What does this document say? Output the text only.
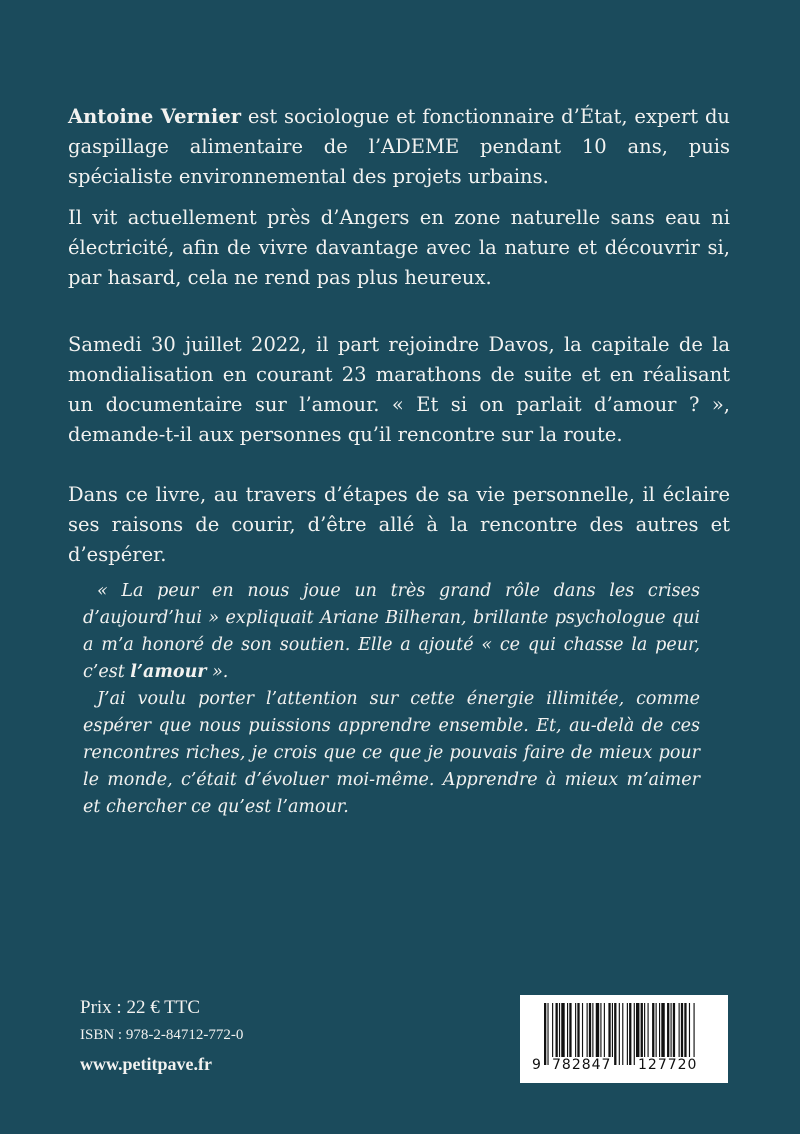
Antoine Vernier est sociologue et fonctionnaire d’État, expert du gaspillage alimentaire de l’ADEME pendant 10 ans, puis spécialiste environnemental des projets urbains.

Il vit actuellement près d’Angers en zone naturelle sans eau ni électricité, afin de vivre davantage avec la nature et découvrir si, par hasard, cela ne rend pas plus heureux.

Samedi 30 juillet 2022, il part rejoindre Davos, la capitale de la mondialisation en courant 23 marathons de suite et en réalisant un documentaire sur l’amour. « Et si on parlait d’amour ? », demande-t-il aux personnes qu’il rencontre sur la route.

Dans ce livre, au travers d’étapes de sa vie personnelle, il éclaire ses raisons de courir, d’être allé à la rencontre des autres et d’espérer.

« La peur en nous joue un très grand rôle dans les crises d’aujourd’hui » expliquait Ariane Bilheran, brillante psychologue qui a m’a honoré de son soutien. Elle a ajouté « ce qui chasse la peur, c’est l’amour ».

J’ai voulu porter l’attention sur cette énergie illimitée, comme espérer que nous puissions apprendre ensemble. Et, au-delà de ces rencontres riches, je crois que ce que je pouvais faire de mieux pour le monde, c’était d’évoluer moi-même. Apprendre à mieux m’aimer et chercher ce qu’est l’amour.

Prix : 22 € TTC
ISBN : 978-2-84712-772-0
www.petitpave.fr	9 782847 127720
